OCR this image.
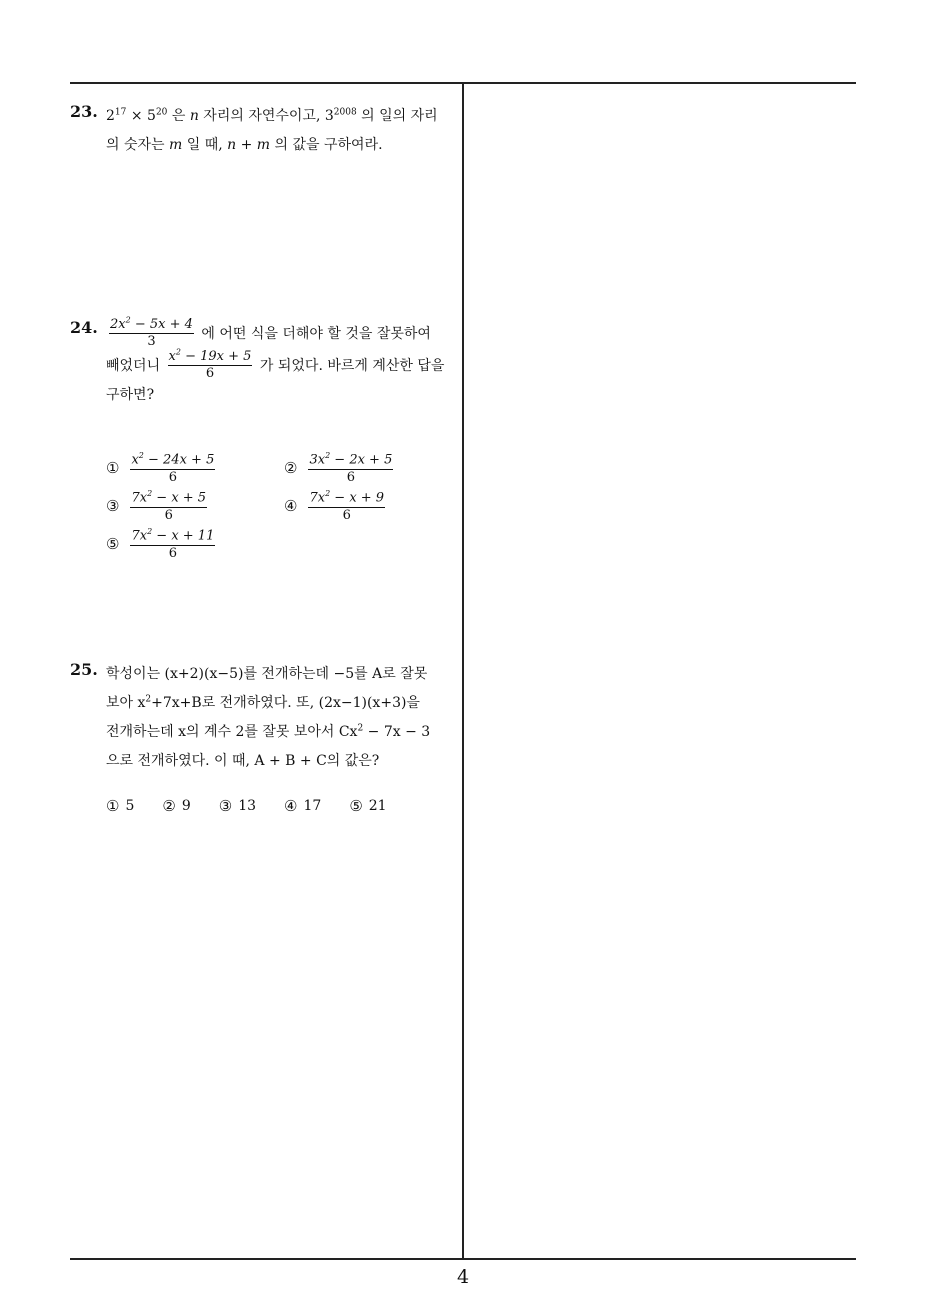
23. $2^{17} \times 5^{20}$ 은 n 자리의 자연수이고, $3^{2008}$ 의 일의 자리
의 숫자는 m 일 때, n + m 의 값을 구하여라.
24. $\frac{2x^2 - 5x + 4}{3}$ 에 어떤 식을 더해야 할 것을 잘못하여
빼었더니 $\frac{x^2 - 19x + 5}{6}$ 가 되었다. 바르게 계산한 답을
구하면?
① $\frac{x^2 - 24x + 5}{6}$	② $\frac{3x^2 - 2x + 5}{6}$
③ $\frac{7x^2 - x + 5}{6}$	④ $\frac{7x^2 - x + 9}{6}$
⑤ $\frac{7x^2 - x + 11}{6}$
25. 학성이는 (x+2)(x−5)를 전개하는데 −5를 A로 잘못
보아 $x^2+7x+B$로 전개하였다. 또, (2x−1)(x+3)을
전개하는데 x의 계수 2를 잘못 보아서 $Cx^2 - 7x - 3$
으로 전개하였다. 이 때, A + B + C의 값은?
① 5 ② 9 ③ 13 ④ 17 ⑤ 21
4
